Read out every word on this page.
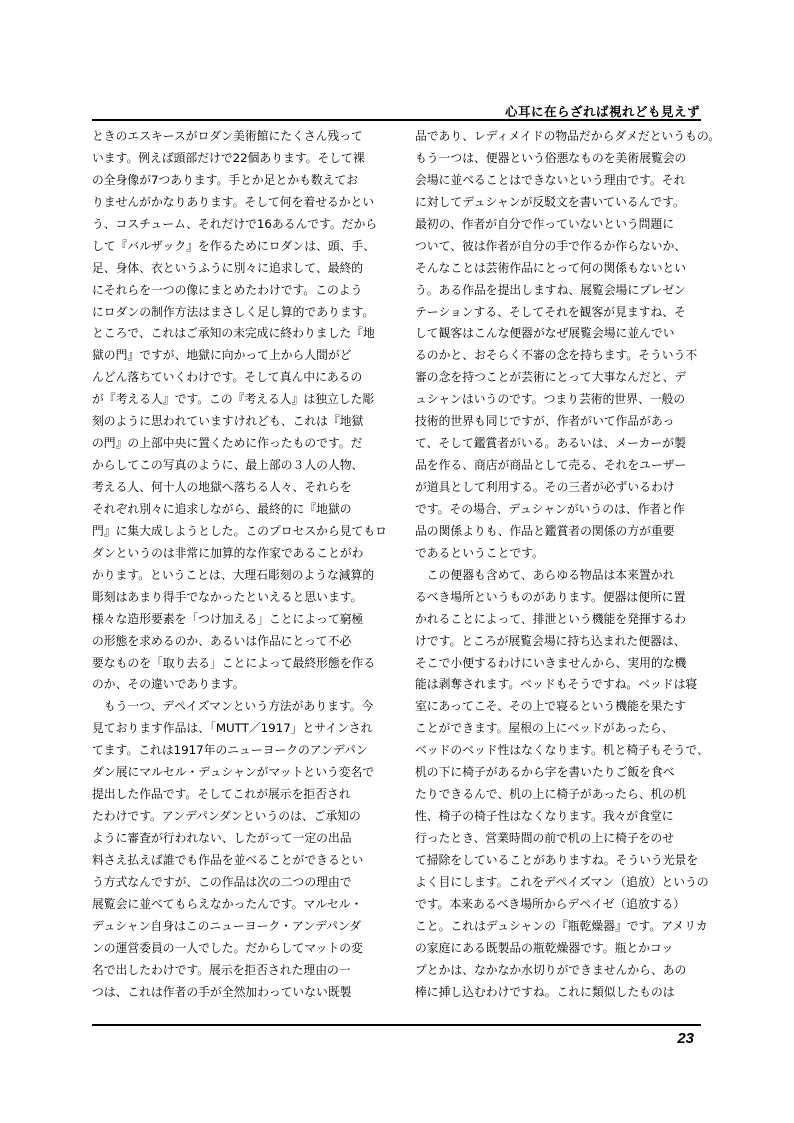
心耳に在らざれば視れども見えず
ときのエスキースがロダン美術館にたくさん残って
います。例えば頭部だけで22個あります。そして裸
の全身像が7つあります。手とか足とかも数えてお
りませんがかなりあります。そして何を着せるかとい
う、コスチューム、それだけで16あるんです。だから
して『バルザック』を作るためにロダンは、頭、手、
足、身体、衣というふうに別々に追求して、最終的
にそれらを一つの像にまとめたわけです。このよう
にロダンの制作方法はまさしく足し算的であります。
ところで、これはご承知の未完成に終わりました『地
獄の門』ですが、地獄に向かって上から人間がど
んどん落ちていくわけです。そして真ん中にあるの
が『考える人』です。この『考える人』は独立した彫
刻のように思われていますけれども、これは『地獄
の門』の上部中央に置くために作ったものです。だ
からしてこの写真のように、最上部の３人の人物、
考える人、何十人の地獄へ落ちる人々、それらを
それぞれ別々に追求しながら、最終的に『地獄の
門』に集大成しようとした。このプロセスから見てもロ
ダンというのは非常に加算的な作家であることがわ
かります。ということは、大理石彫刻のような減算的
彫刻はあまり得手でなかったといえると思います。
様々な造形要素を「つけ加える」ことによって窮極
の形態を求めるのか、あるいは作品にとって不必
要なものを「取り去る」ことによって最終形態を作る
のか、その違いであります。
　もう一つ、デペイズマンという方法があります。今
見ております作品は、「MUTT／1917」とサインされ
てます。これは1917年のニューヨークのアンデパン
ダン展にマルセル・デュシャンがマットという変名で
提出した作品です。そしてこれが展示を拒否され
たわけです。アンデパンダンというのは、ご承知の
ように審査が行われない、したがって一定の出品
料さえ払えば誰でも作品を並べることができるとい
う方式なんですが、この作品は次の二つの理由で
展覧会に並べてもらえなかったんです。マルセル・
デュシャン自身はこのニューヨーク・アンデパンダ
ンの運営委員の一人でした。だからしてマットの変
名で出したわけです。展示を拒否された理由の一
つは、これは作者の手が全然加わっていない既製
品であり、レディメイドの物品だからダメだというもの。
もう一つは、便器という俗悪なものを美術展覧会の
会場に並べることはできないという理由です。それ
に対してデュシャンが反駁文を書いているんです。
最初の、作者が自分で作っていないという問題に
ついて、彼は作者が自分の手で作るか作らないか、
そんなことは芸術作品にとって何の関係もないとい
う。ある作品を提出しますね、展覧会場にプレゼン
テーションする、そしてそれを観客が見ますね、そ
して観客はこんな便器がなぜ展覧会場に並んでい
るのかと、おそらく不審の念を持ちます。そういう不
審の念を持つことが芸術にとって大事なんだと、デ
ュシャンはいうのです。つまり芸術的世界、一般の
技術的世界も同じですが、作者がいて作品があっ
て、そして鑑賞者がいる。あるいは、メーカーが製
品を作る、商店が商品として売る、それをユーザー
が道具として利用する。その三者が必ずいるわけ
です。その場合、デュシャンがいうのは、作者と作
品の関係よりも、作品と鑑賞者の関係の方が重要
であるということです。
　この便器も含めて、あらゆる物品は本来置かれ
るべき場所というものがあります。便器は便所に置
かれることによって、排泄という機能を発揮するわ
けです。ところが展覧会場に持ち込まれた便器は、
そこで小便するわけにいきませんから、実用的な機
能は剥奪されます。ベッドもそうですね。ベッドは寝
室にあってこそ、その上で寝るという機能を果たす
ことができます。屋根の上にベッドがあったら、
ベッドのベッド性はなくなります。机と椅子もそうで、
机の下に椅子があるから字を書いたりご飯を食べ
たりできるんで、机の上に椅子があったら、机の机
性、椅子の椅子性はなくなります。我々が食堂に
行ったとき、営業時間の前で机の上に椅子をのせ
て掃除をしていることがありますね。そういう光景を
よく目にします。これをデペイズマン（追放）というの
です。本来あるべき場所からデペイゼ（追放する）
こと。これはデュシャンの『瓶乾燥器』です。アメリカ
の家庭にある既製品の瓶乾燥器です。瓶とかコッ
プとかは、なかなか水切りができませんから、あの
棒に挿し込むわけですね。これに類似したものは
23
